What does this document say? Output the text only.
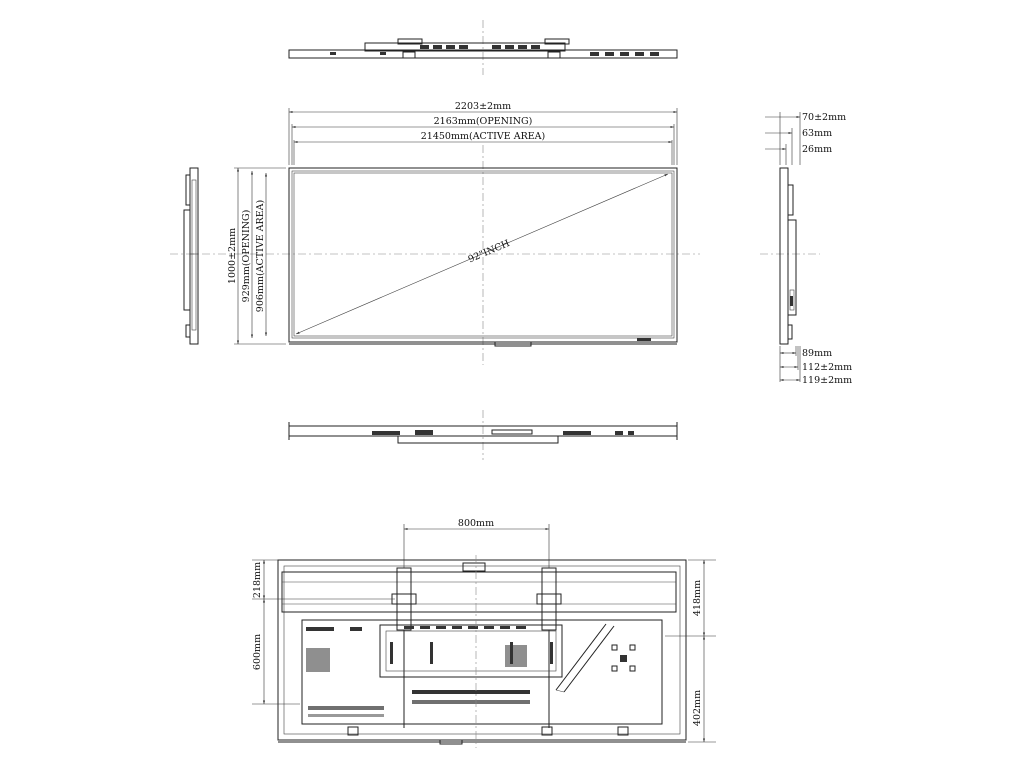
92"INCH
2203±2mm
2163mm(OPENING)
21450mm(ACTIVE AREA)
1000±2mm 929mm(OPENING) 906mm(ACTIVE AREA)
70±2mm
63mm
26mm
89mm
112±2mm
119±2mm
800mm
218mm
600mm
418mm
402mm
